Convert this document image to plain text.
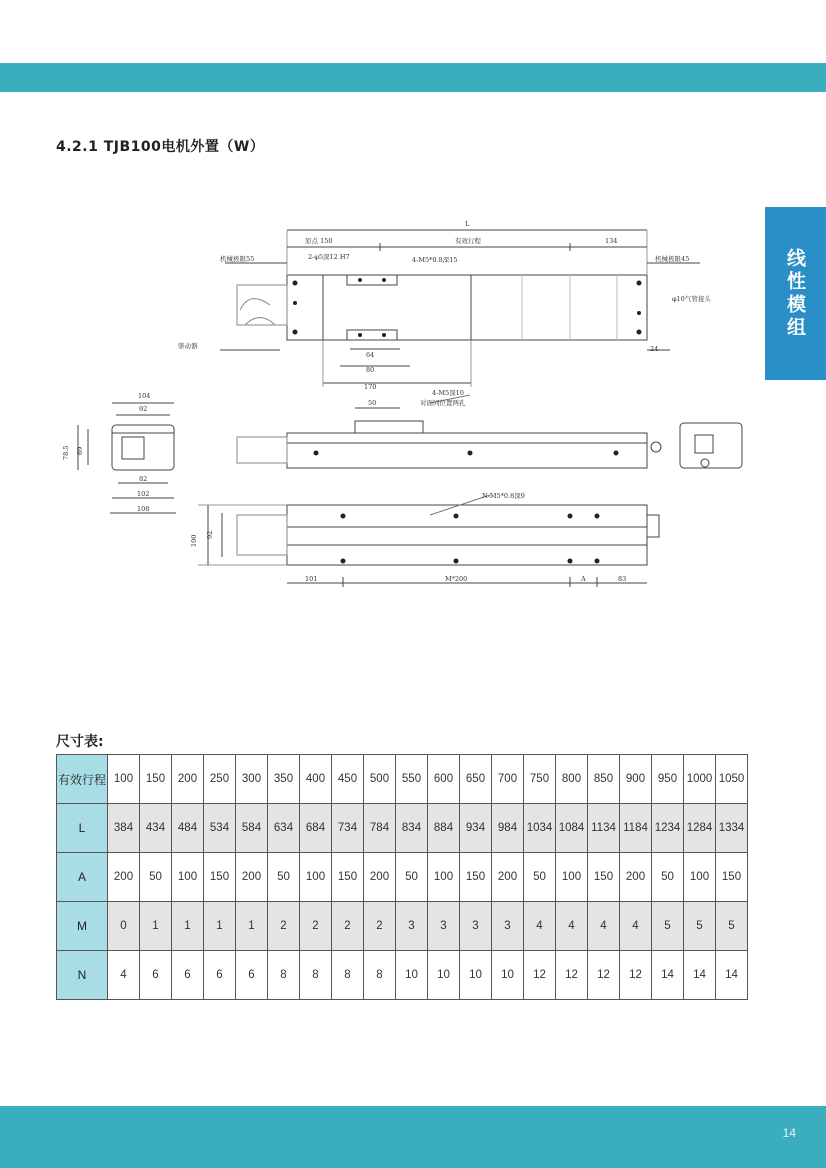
线性模组
4.2.1 TJB100电机外置（W）
L
原点 150	有效行程	134
机械极限55	机械极限45
2-φ5深12 H7	4-M5*0.8深15
φ10气管接头
驱动器	24
64
80
170
104
92
78.5 69
82
102
108
4-M5深10
对面同位置两孔
50
N-M5*0.8深9
100 92
101	M*200	A	83
尺寸表:
有效行程	100	150	200	250	300	350	400	450	500	550	600	650	700	750	800	850	900	950	1000	1050
L	384	434	484	534	584	634	684	734	784	834	884	934	984	1034	1084	1134	1184	1234	1284	1334
A	200	50	100	150	200	50	100	150	200	50	100	150	200	50	100	150	200	50	100	150
M	0	1	1	1	1	2	2	2	2	3	3	3	3	4	4	4	4	5	5	5
N	4	6	6	6	6	8	8	8	8	10	10	10	10	12	12	12	12	14	14	14
14
